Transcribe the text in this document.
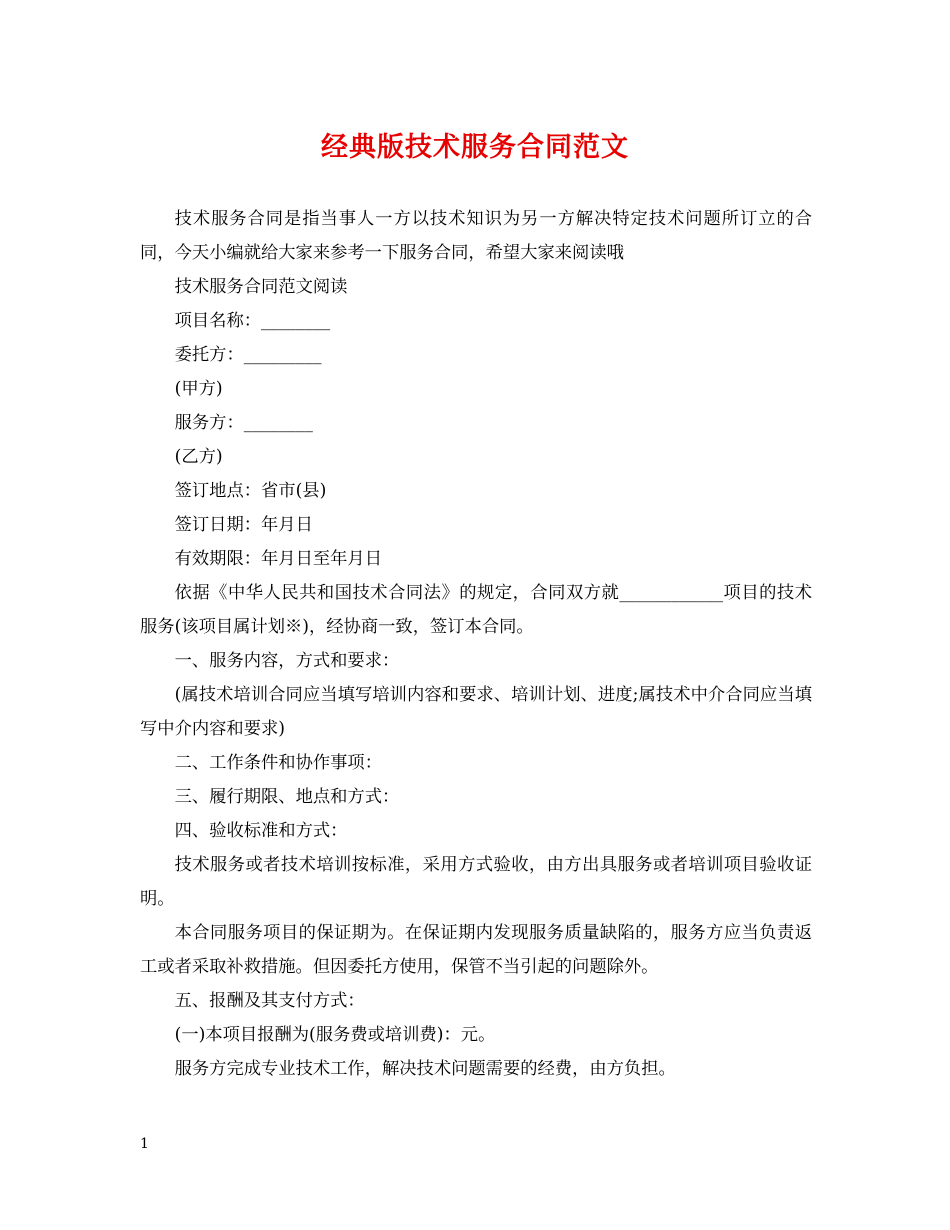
经典版技术服务合同范文

技术服务合同是指当事人一方以技术知识为另一方解决特定技术问题所订立的合同，今天小编就给大家来参考一下服务合同，希望大家来阅读哦

技术服务合同范文阅读

项目名称：________

委托方：_________

(甲方)

服务方：________

(乙方)

签订地点：省市(县)

签订日期：年月日

有效期限：年月日至年月日

依据《中华人民共和国技术合同法》的规定，合同双方就____________项目的技术服务(该项目属计划※)，经协商一致，签订本合同。

一、服务内容，方式和要求：

(属技术培训合同应当填写培训内容和要求、培训计划、进度;属技术中介合同应当填写中介内容和要求)

二、工作条件和协作事项：

三、履行期限、地点和方式：

四、验收标准和方式：

技术服务或者技术培训按标准，采用方式验收，由方出具服务或者培训项目验收证明。

本合同服务项目的保证期为。在保证期内发现服务质量缺陷的，服务方应当负责返工或者采取补救措施。但因委托方使用，保管不当引起的问题除外。

五、报酬及其支付方式：

(一)本项目报酬为(服务费或培训费)：元。

服务方完成专业技术工作，解决技术问题需要的经费，由方负担。

1
